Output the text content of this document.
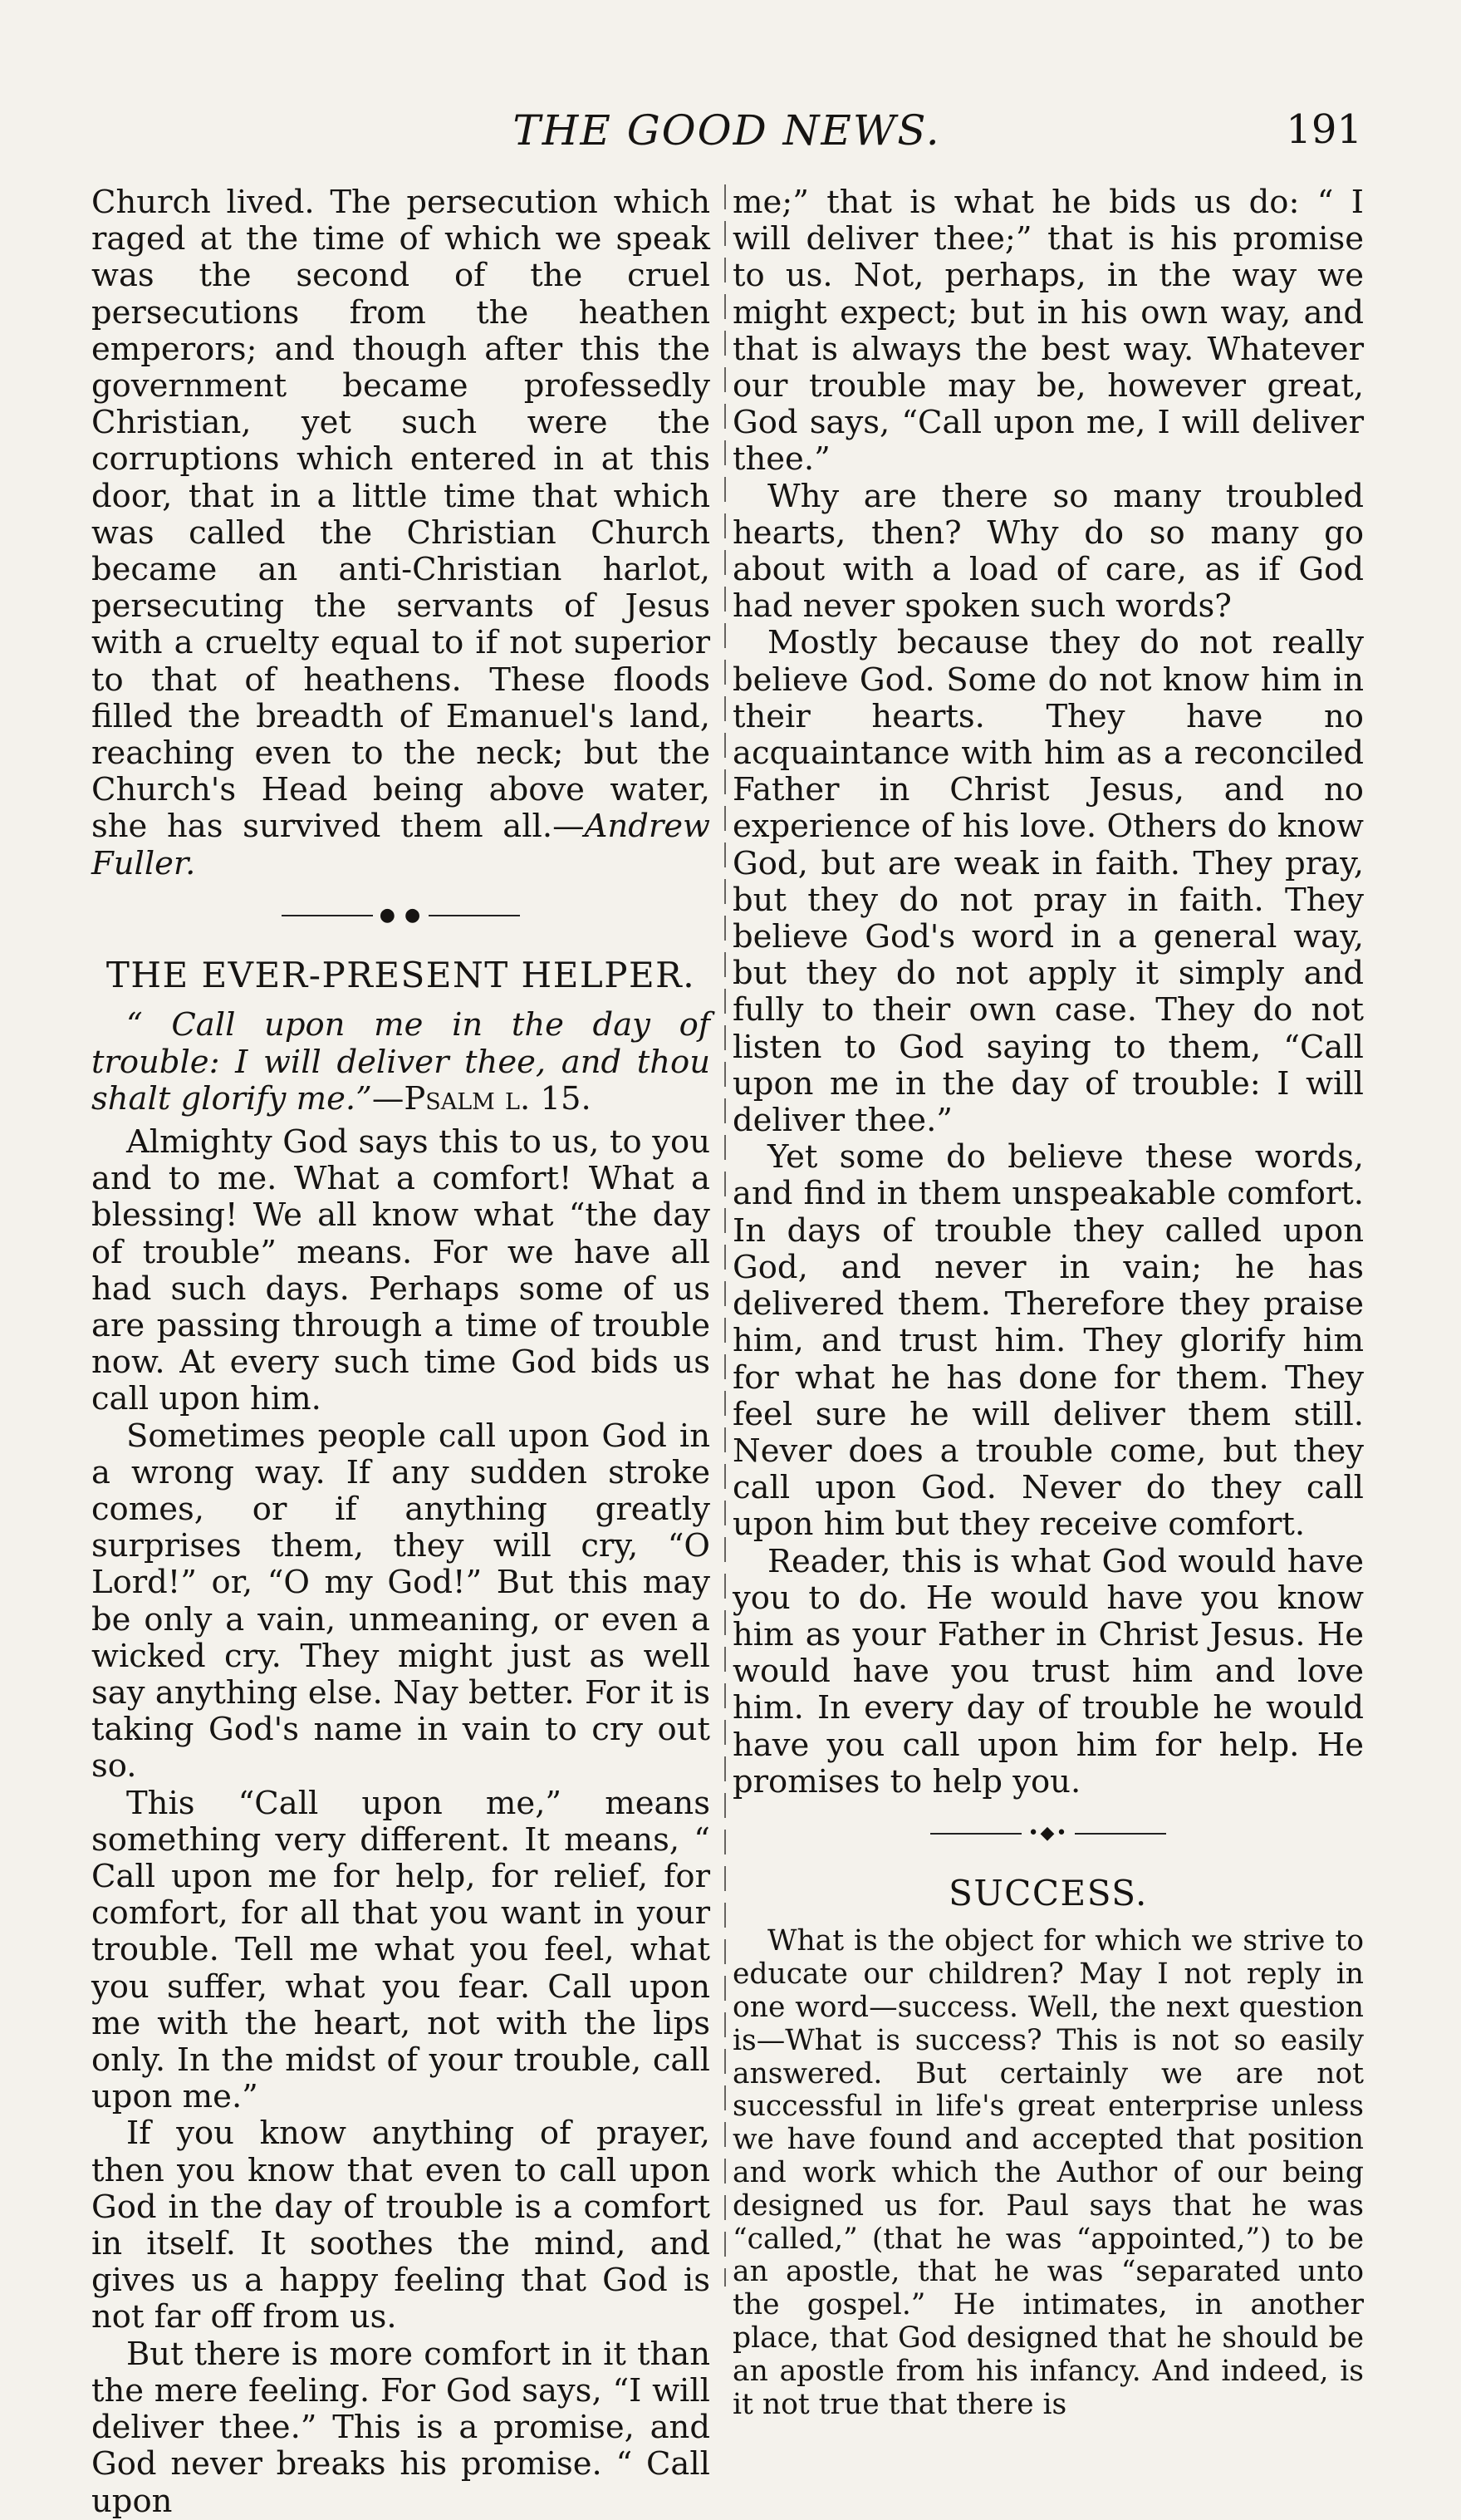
THE GOOD NEWS.	191

Church lived. The persecution which raged at the time of which we speak was the second of the cruel persecutions from the heathen emperors; and though after this the government became professedly Christian, yet such were the corruptions which entered in at this door, that in a little time that which was called the Christian Church became an anti-Christian harlot, persecuting the servants of Jesus with a cruelty equal to if not superior to that of heathens. These floods filled the breadth of Emanuel's land, reaching even to the neck; but the Church's Head being above water, she has survived them all.—Andrew Fuller.

● ●
THE EVER-PRESENT HELPER.

“ Call upon me in the day of trouble: I will deliver thee, and thou shalt glorify me.”—Psalm l. 15.

Almighty God says this to us, to you and to me. What a comfort! What a blessing! We all know what “the day of trouble” means. For we have all had such days. Perhaps some of us are passing through a time of trouble now. At every such time God bids us call upon him.

Sometimes people call upon God in a wrong way. If any sudden stroke comes, or if anything greatly surprises them, they will cry, “O Lord!” or, “O my God!” But this may be only a vain, unmeaning, or even a wicked cry. They might just as well say anything else. Nay better. For it is taking God's name in vain to cry out so.

This “Call upon me,” means something very different. It means, “ Call upon me for help, for relief, for comfort, for all that you want in your trouble. Tell me what you feel, what you suffer, what you fear. Call upon me with the heart, not with the lips only. In the midst of your trouble, call upon me.”

If you know anything of prayer, then you know that even to call upon God in the day of trouble is a comfort in itself. It soothes the mind, and gives us a happy feeling that God is not far off from us.

But there is more comfort in it than the mere feeling. For God says, “I will deliver thee.” This is a promise, and God never breaks his promise. “ Call upon

me;” that is what he bids us do: “ I will deliver thee;” that is his promise to us. Not, perhaps, in the way we might expect; but in his own way, and that is always the best way. Whatever our trouble may be, however great, God says, “Call upon me, I will deliver thee.”

Why are there so many troubled hearts, then? Why do so many go about with a load of care, as if God had never spoken such words?

Mostly because they do not really believe God. Some do not know him in their hearts. They have no acquaintance with him as a reconciled Father in Christ Jesus, and no experience of his love. Others do know God, but are weak in faith. They pray, but they do not pray in faith. They believe God's word in a general way, but they do not apply it simply and fully to their own case. They do not listen to God saying to them, “Call upon me in the day of trouble: I will deliver thee.”

Yet some do believe these words, and find in them unspeakable comfort. In days of trouble they called upon God, and never in vain; he has delivered them. Therefore they praise him, and trust him. They glorify him for what he has done for them. They feel sure he will deliver them still. Never does a trouble come, but they call upon God. Never do they call upon him but they receive comfort.

Reader, this is what God would have you to do. He would have you know him as your Father in Christ Jesus. He would have you trust him and love him. In every day of trouble he would have you call upon him for help. He promises to help you.

•◆•
SUCCESS.

What is the object for which we strive to educate our children? May I not reply in one word—success. Well, the next question is—What is success? This is not so easily answered. But certainly we are not successful in life's great enterprise unless we have found and accepted that position and work which the Author of our being designed us for. Paul says that he was “called,” (that he was “appointed,”) to be an apostle, that he was “separated unto the gospel.” He intimates, in another place, that God designed that he should be an apostle from his infancy. And indeed, is it not true that there is
